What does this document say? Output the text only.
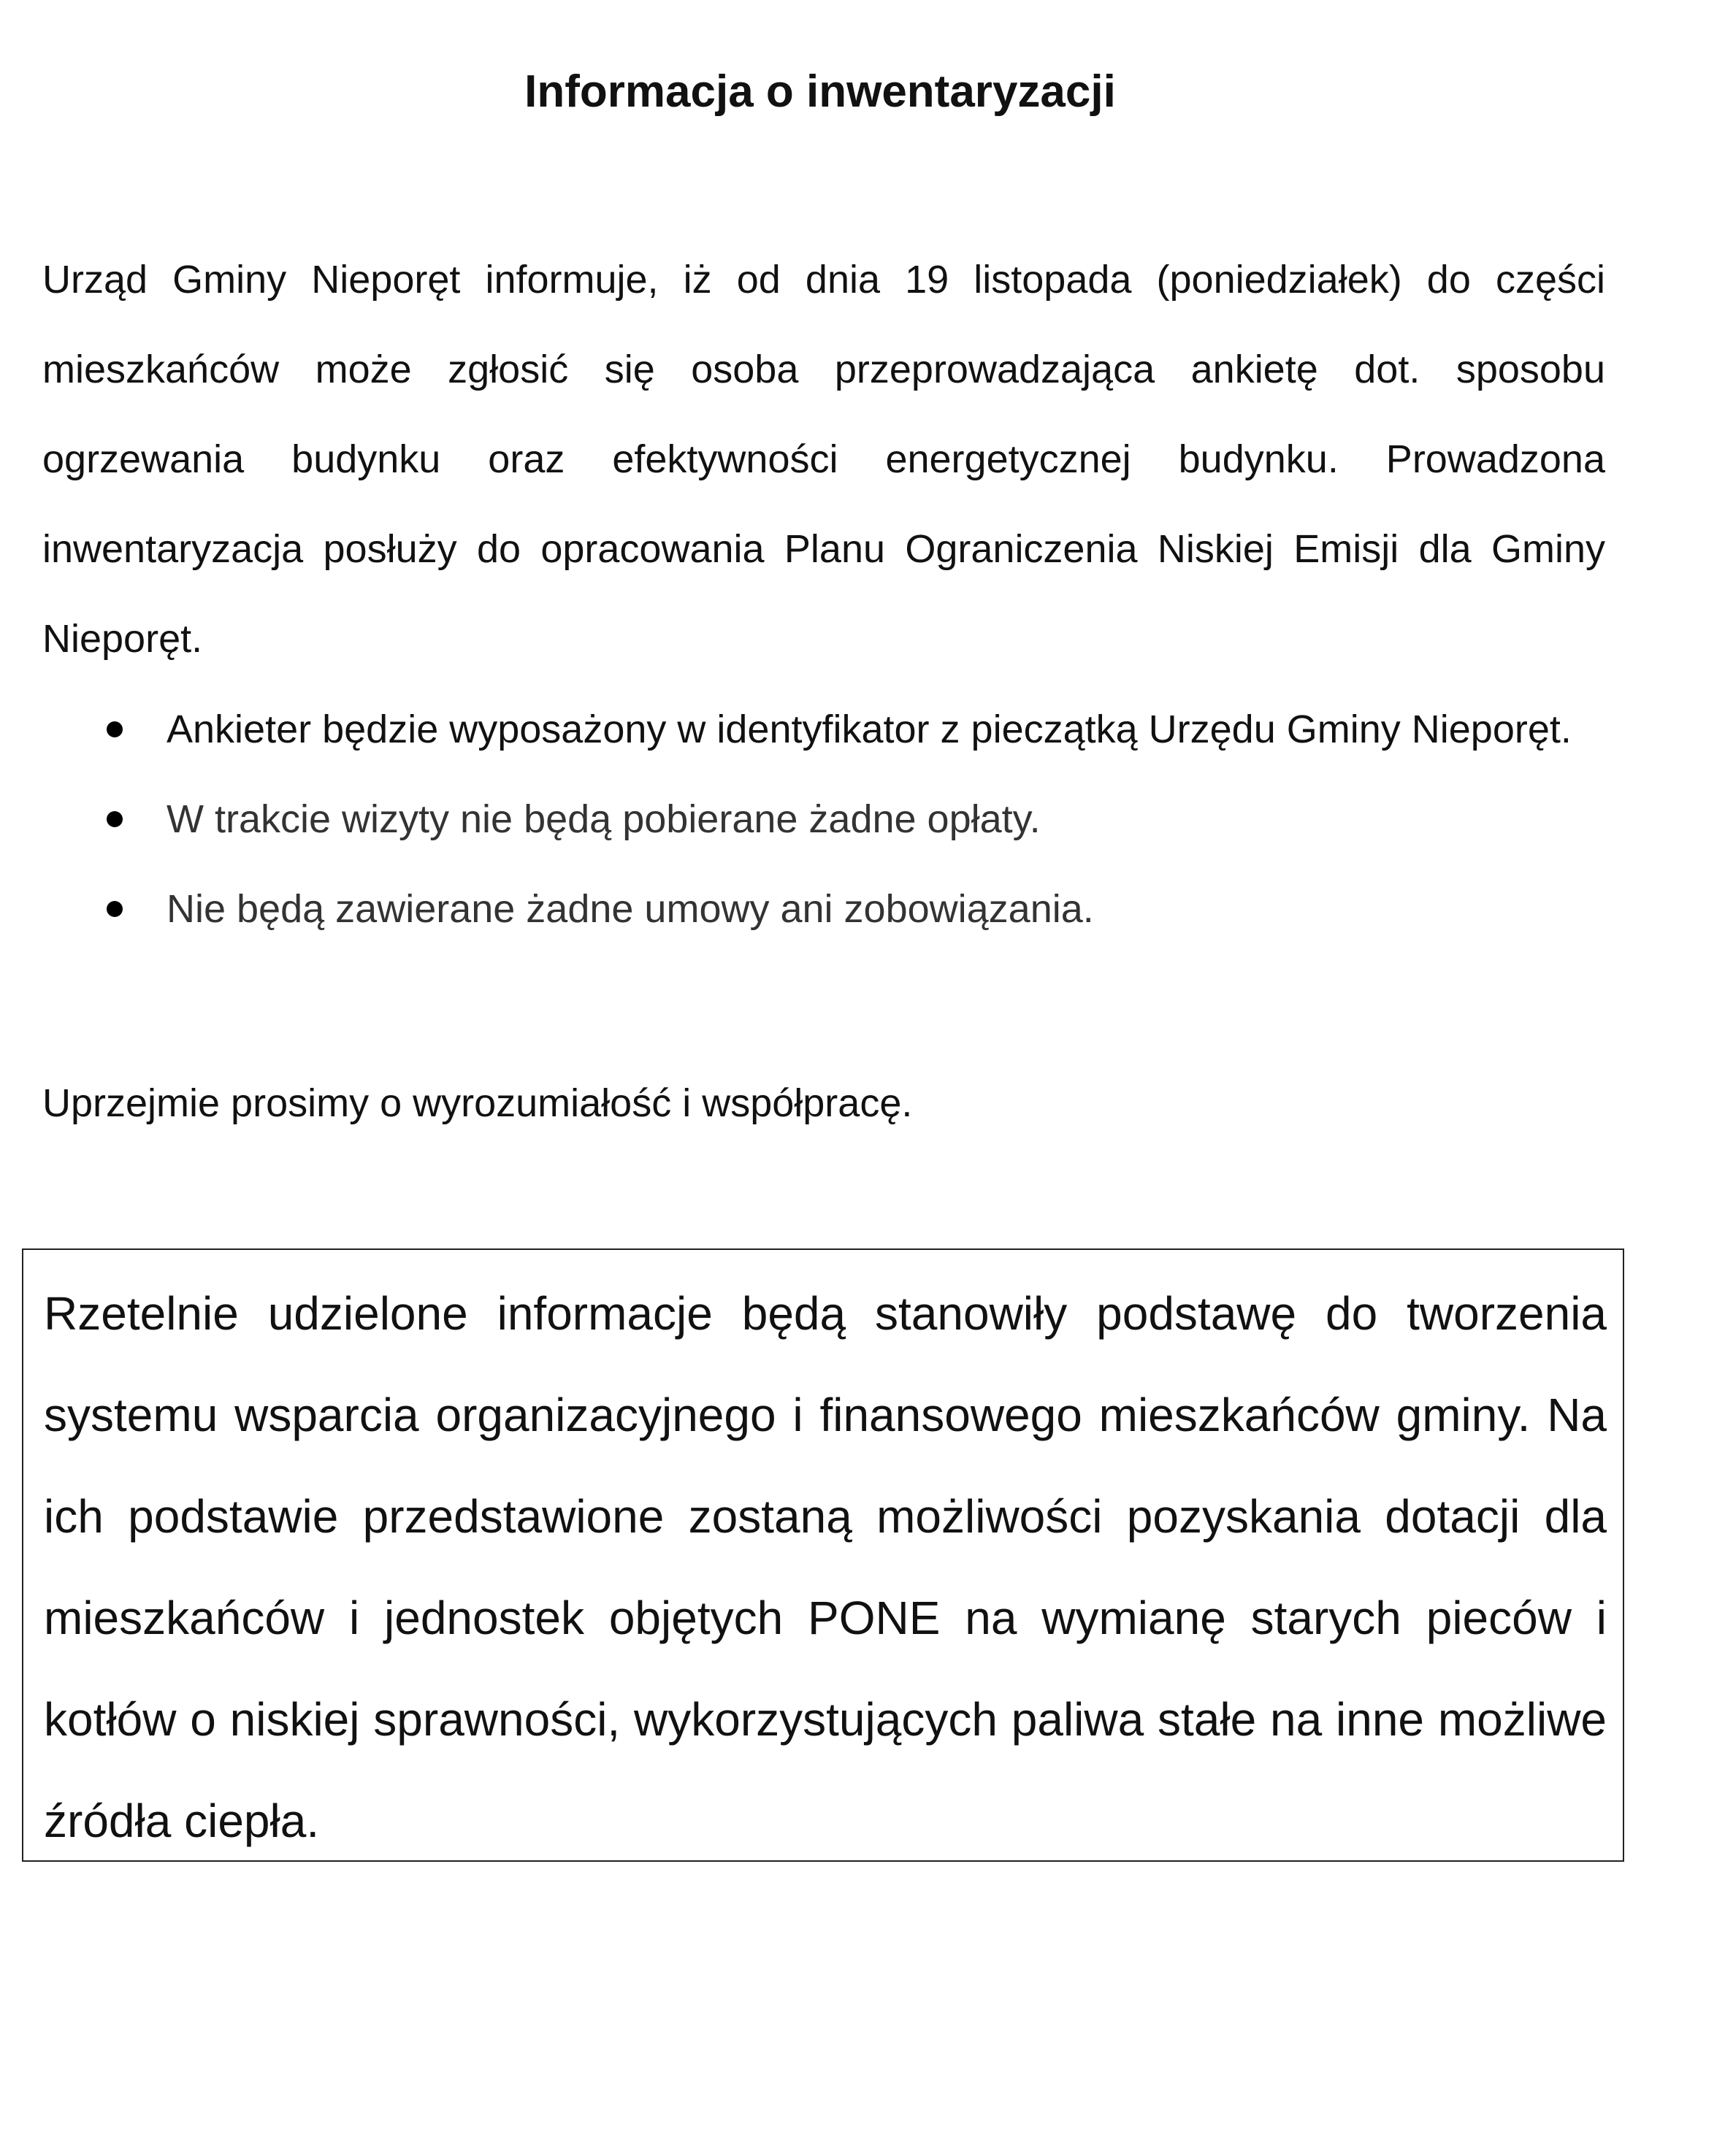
Informacja o inwentaryzacji

Urząd Gminy Nieporęt informuje, iż od dnia 19 listopada (poniedziałek) do części mieszkańców może zgłosić się osoba przeprowadzająca ankietę dot. sposobu ogrzewania budynku oraz efektywności energetycznej budynku. Prowadzona inwentaryzacja posłuży do opracowania Planu Ograniczenia Niskiej Emisji dla Gminy Nieporęt.

Ankieter będzie wyposażony w identyfikator z pieczątką Urzędu Gminy Nieporęt.
W trakcie wizyty nie będą pobierane żadne opłaty.
Nie będą zawierane żadne umowy ani zobowiązania.

Uprzejmie prosimy o wyrozumiałość i współpracę.

Rzetelnie udzielone informacje będą stanowiły podstawę do tworzenia systemu wsparcia organizacyjnego i finansowego mieszkańców gminy. Na ich podstawie przedstawione zostaną możliwości pozyskania dotacji dla mieszkańców i jednostek objętych PONE na wymianę starych pieców i kotłów o niskiej sprawności, wykorzystujących paliwa stałe na inne możliwe źródła ciepła.
